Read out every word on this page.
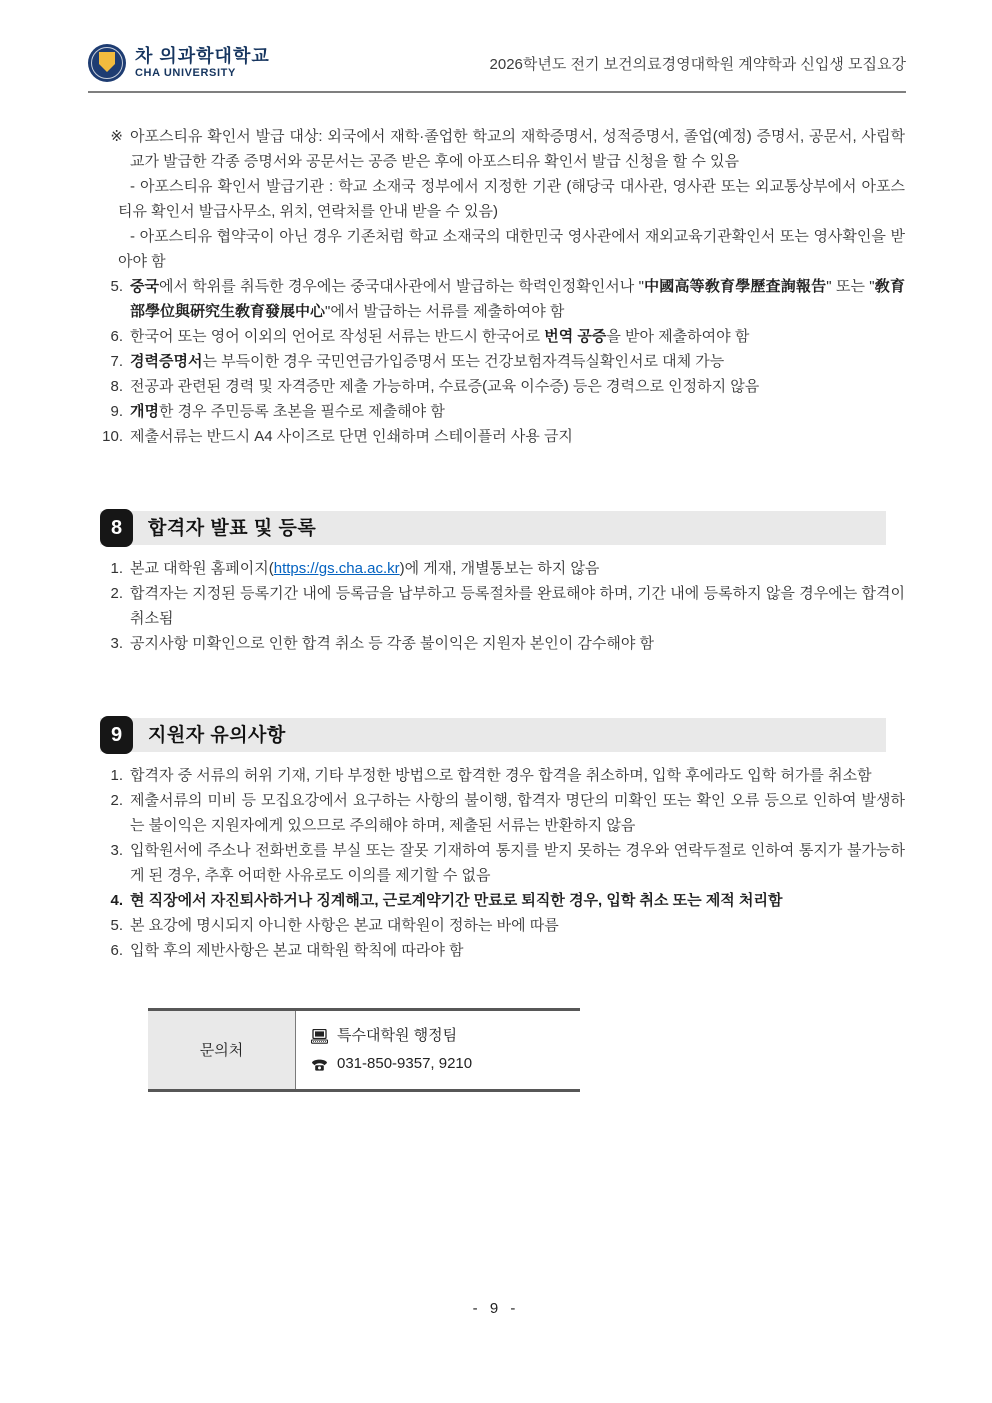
차 의과학대학교
CHA UNIVERSITY
2026학년도 전기 보건의료경영대학원 계약학과 신입생 모집요강
※ 아포스티유 확인서 발급 대상: 외국에서 재학·졸업한 학교의 재학증명서, 성적증명서, 졸업(예정) 증명서, 공문서, 사립학교가 발급한 각종 증명서와 공문서는 공증 받은 후에 아포스티유 확인서 발급 신청을 할 수 있음

- 아포스티유 확인서 발급기관 : 학교 소재국 정부에서 지정한 기관 (해당국 대사관, 영사관 또는 외교통상부에서 아포스티유 확인서 발급사무소, 위치, 연락처를 안내 받을 수 있음)

- 아포스티유 협약국이 아닌 경우 기존처럼 학교 소재국의 대한민국 영사관에서 재외교육기관확인서 또는 영사확인을 받아야 함

5. 중국에서 학위를 취득한 경우에는 중국대사관에서 발급하는 학력인정확인서나 "中國高等敎育學歷査詢報告" 또는 "敎育部學位與硏究生敎育發展中心"에서 발급하는 서류를 제출하여야 함
6. 한국어 또는 영어 이외의 언어로 작성된 서류는 반드시 한국어로 번역 공증을 받아 제출하여야 함
7. 경력증명서는 부득이한 경우 국민연금가입증명서 또는 건강보험자격득실확인서로 대체 가능
8. 전공과 관련된 경력 및 자격증만 제출 가능하며, 수료증(교육 이수증) 등은 경력으로 인정하지 않음
9. 개명한 경우 주민등록 초본을 필수로 제출해야 함
10. 제출서류는 반드시 A4 사이즈로 단면 인쇄하며 스테이플러 사용 금지
8	합격자 발표 및 등록
1. 본교 대학원 홈페이지(https://gs.cha.ac.kr)에 게재, 개별통보는 하지 않음
2. 합격자는 지정된 등록기간 내에 등록금을 납부하고 등록절차를 완료해야 하며, 기간 내에 등록하지 않을 경우에는 합격이 취소됨
3. 공지사항 미확인으로 인한 합격 취소 등 각종 불이익은 지원자 본인이 감수해야 함
9	지원자 유의사항
1. 합격자 중 서류의 허위 기재, 기타 부정한 방법으로 합격한 경우 합격을 취소하며, 입학 후에라도 입학 허가를 취소함
2. 제출서류의 미비 등 모집요강에서 요구하는 사항의 불이행, 합격자 명단의 미확인 또는 확인 오류 등으로 인하여 발생하는 불이익은 지원자에게 있으므로 주의해야 하며, 제출된 서류는 반환하지 않음
3. 입학원서에 주소나 전화번호를 부실 또는 잘못 기재하여 통지를 받지 못하는 경우와 연락두절로 인하여 통지가 불가능하게 된 경우, 추후 어떠한 사유로도 이의를 제기할 수 없음
4. 현 직장에서 자진퇴사하거나 징계해고, 근로계약기간 만료로 퇴직한 경우, 입학 취소 또는 제적 처리함
5. 본 요강에 명시되지 아니한 사항은 본교 대학원이 정하는 바에 따름
6. 입학 후의 제반사항은 본교 대학원 학칙에 따라야 함
문의처
특수대학원 행정팀
031-850-9357, 9210
- 9 -
